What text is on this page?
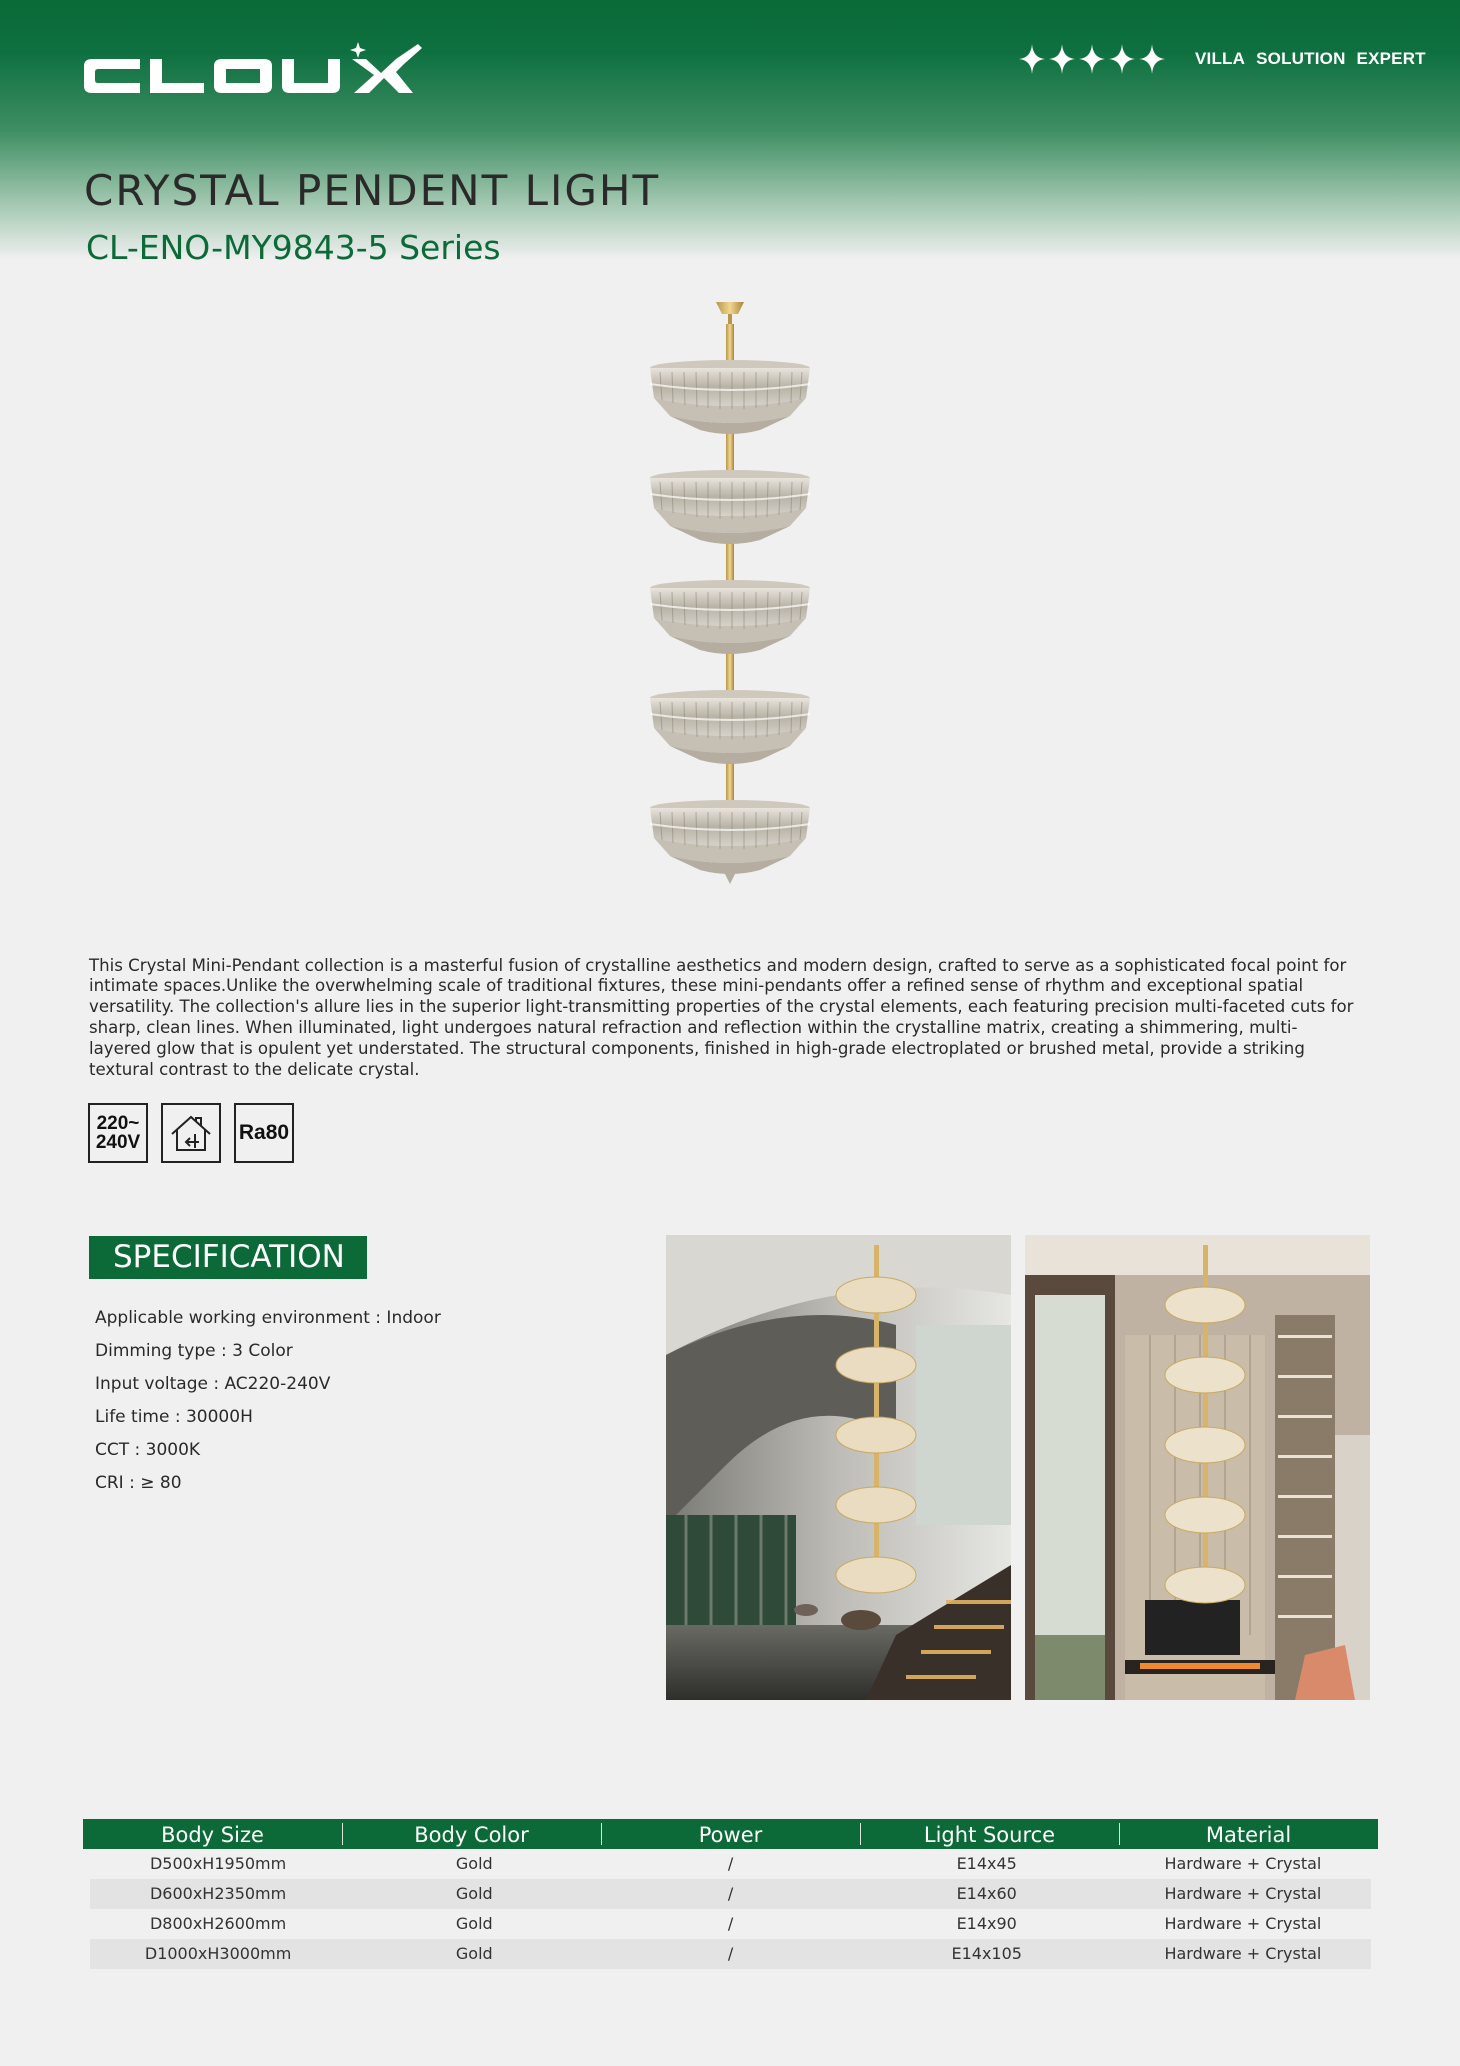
VILLA SOLUTION EXPERT
CRYSTAL PENDENT LIGHT
CL-ENO-MY9843-5 Series

This Crystal Mini-Pendant collection is a masterful fusion of crystalline aesthetics and modern design, crafted to serve as a sophisticated focal point for intimate spaces.Unlike the overwhelming scale of traditional fixtures, these mini-pendants offer a refined sense of rhythm and exceptional spatial versatility. The collection's allure lies in the superior light-transmitting properties of the crystal elements, each featuring precision multi-faceted cuts for sharp, clean lines. When illuminated, light undergoes natural refraction and reflection within the crystalline matrix, creating a shimmering, multi-layered glow that is opulent yet understated. The structural components, finished in high-grade electroplated or brushed metal, provide a striking textural contrast to the delicate crystal.

220~
240V	Ra80
SPECIFICATION
Applicable working environment : Indoor
Dimming type : 3 Color
Input voltage : AC220-240V
Life time : 30000H
CCT : 3000K
CRI : ≥ 80
Body Size	Body Color	Power	Light Source	Material
D500xH1950mm	Gold	/	E14x45	Hardware + Crystal
D600xH2350mm	Gold	/	E14x60	Hardware + Crystal
D800xH2600mm	Gold	/	E14x90	Hardware + Crystal
D1000xH3000mm	Gold	/	E14x105	Hardware + Crystal
